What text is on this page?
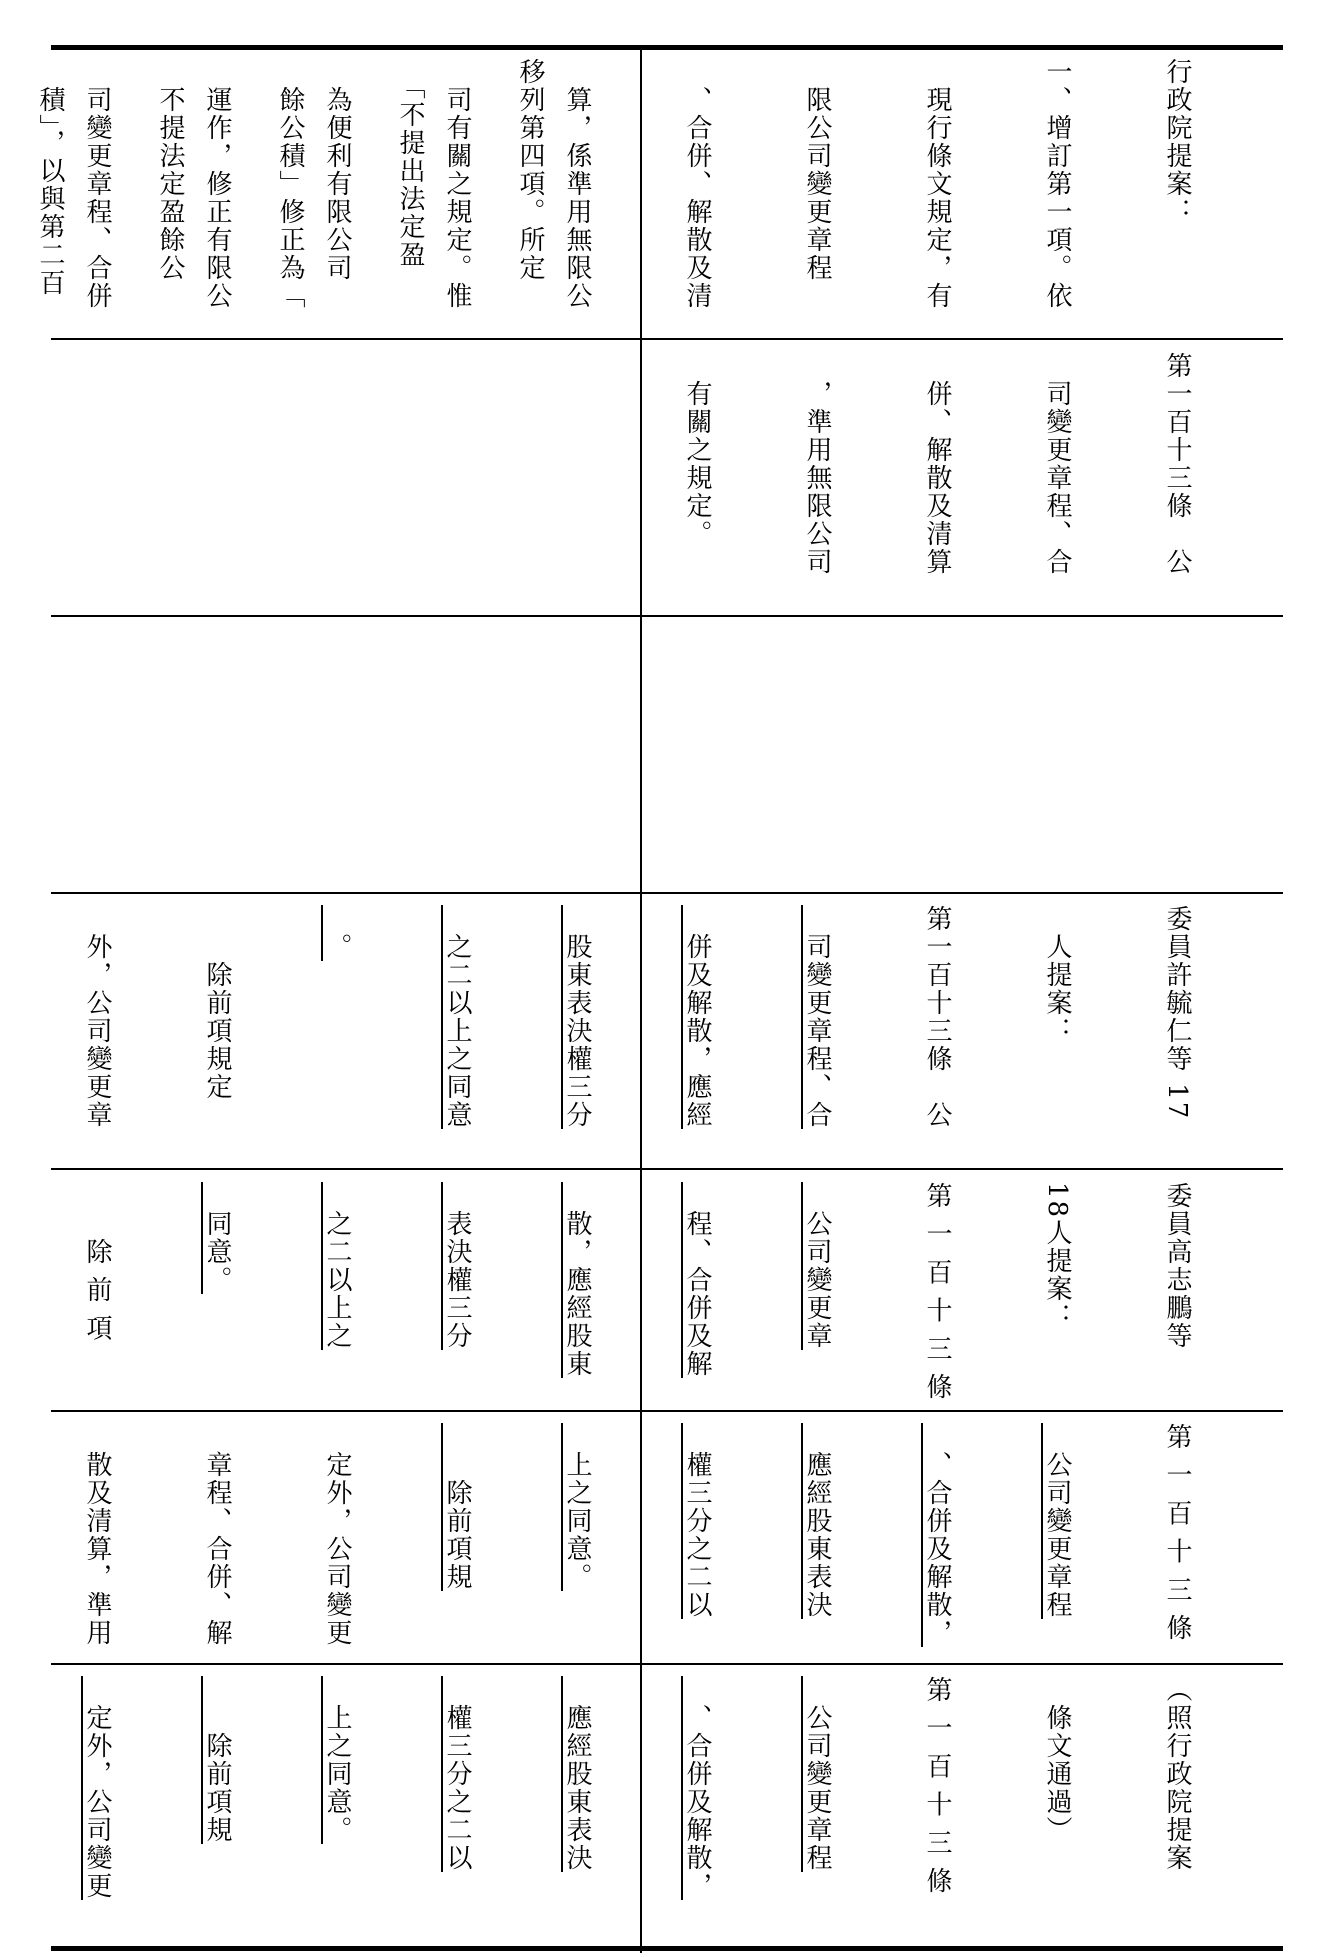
移列第四項。所定

　「不提出法定盈

　餘公積」修正為「

　不提法定盈餘公

　積」，以與第二百

	行政院提案：

一、增訂第一項。依

　現行條文規定，有

　限公司變更章程

　、合併、解散及清

　算，係準用無限公

　司有關之規定。惟

　為便利有限公司

　運作，修正有限公

　司變更章程、合併

第一百十三條　公

　司變更章程、合

　併、解散及清算

　，準用無限公司

　有關之規定。

委員許毓仁等 17

　人提案：

第一百十三條　公

　司變更章程、合

　併及解散，應經

　股東表決權三分

　之二以上之同意

　。

　　除前項規定

　外，公司變更章

委員高志鵬等

18人提案：

第 一 百 十 三 條

　公司變更章

　程、合併及解

　散，應經股東

　表決權三分

　之二以上之

　同意。

　　除 前 項

第 一 百 十 三 條

　公司變更章程

　、合併及解散，

　應經股東表決

　權三分之二以

　上之同意。

　　除前項規

　定外，公司變更

　章程、合併、解

　散及清算，準用

（照行政院提案

　條文通過）

第 一 百 十 三 條

　公司變更章程

　、合併及解散，

　應經股東表決

　權三分之二以

　上之同意。

　　除前項規

　定外，公司變更
